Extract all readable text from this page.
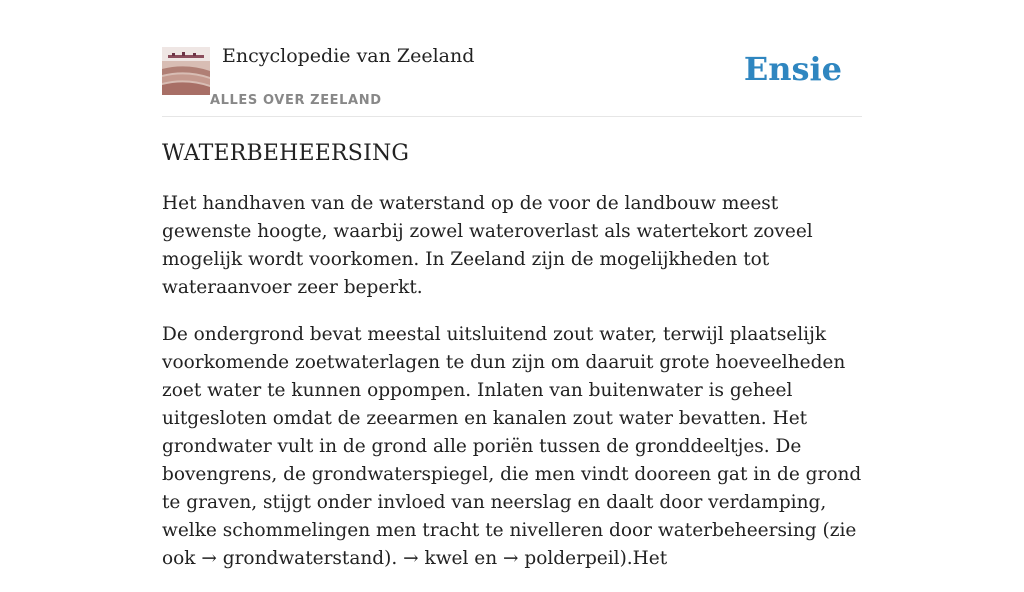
Encyclopedie van Zeeland
ALLES OVER ZEELAND
Ensie
WATERBEHEERSING

Het handhaven van de waterstand op de voor de landbouw meest gewenste hoogte, waarbij zowel wateroverlast als watertekort zoveel mogelijk wordt voorkomen. In Zeeland zijn de mogelijkheden tot wateraanvoer zeer beperkt.

De ondergrond bevat meestal uitsluitend zout water, terwijl plaatselijk voorkomende zoetwaterlagen te dun zijn om daaruit grote hoeveelheden zoet water te kunnen oppompen. Inlaten van buitenwater is geheel uitgesloten omdat de zeearmen en kanalen zout water bevatten. Het grondwater vult in de grond alle poriën tussen de gronddeeltjes. De bovengrens, de grondwaterspiegel, die men vindt dooreen gat in de grond te graven, stijgt onder invloed van neerslag en daalt door verdamping, welke schommelingen men tracht te nivelleren door waterbeheersing (zie ook → grondwaterstand). → kwel en → polderpeil).Het
